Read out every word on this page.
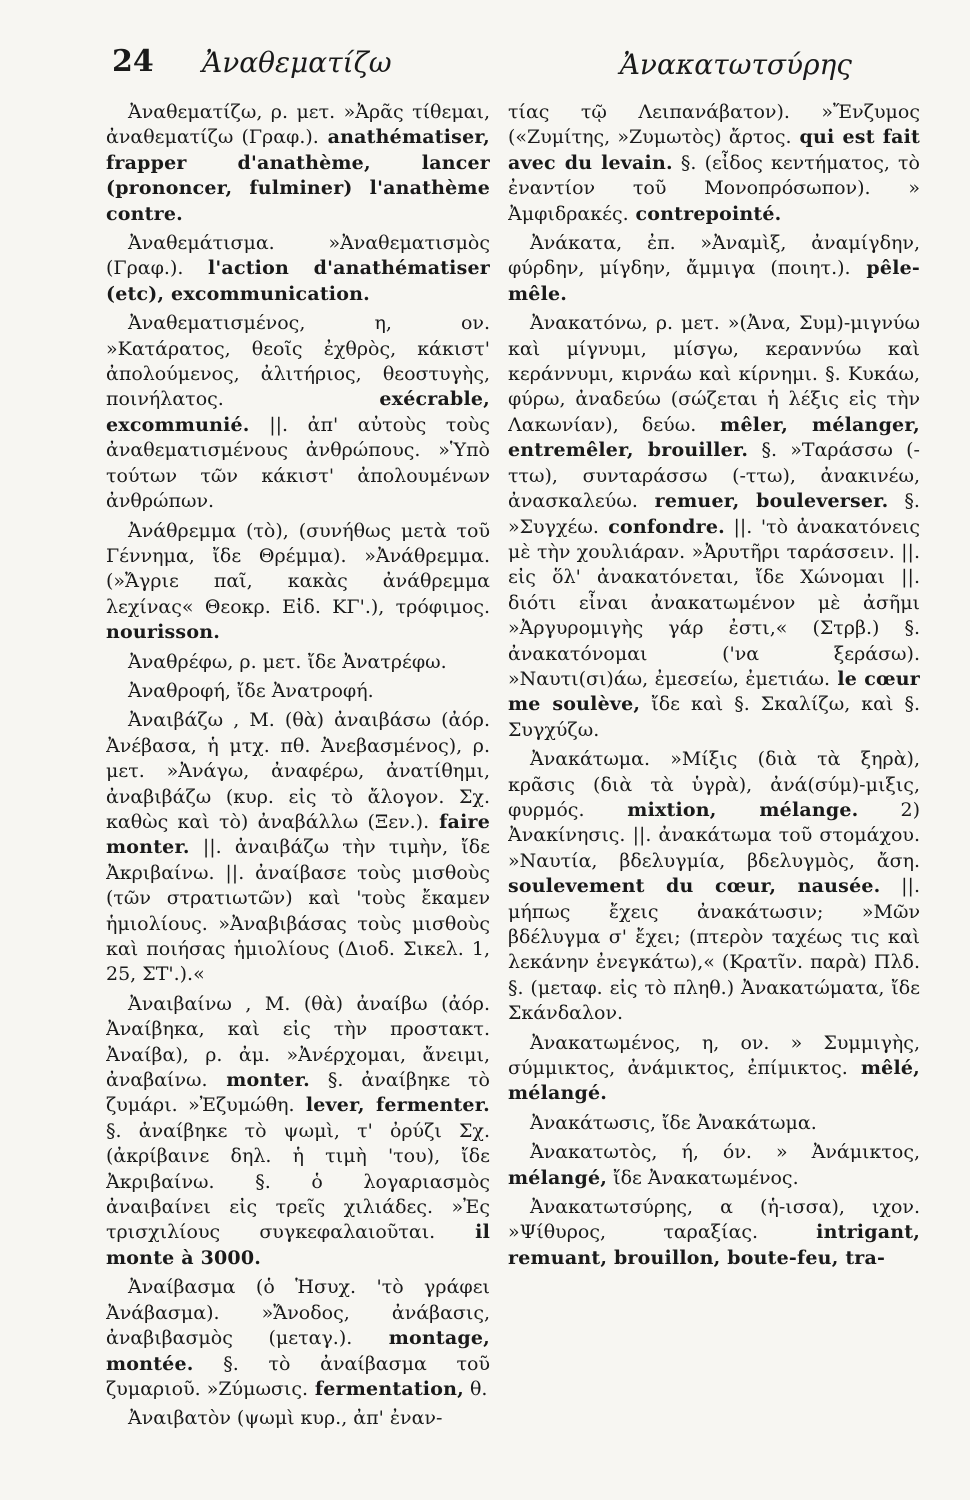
24 Ἀναθεματίζω	Ἀνακατωτσύρης

Ἀναθεματίζω, ρ. μετ. »Ἀρᾶς τίθεμαι, ἀναθεματίζω (Γραφ.). anathématiser, frapper d'anathème, lancer (prononcer, fulminer) l'anathème contre.

Ἀναθεμάτισμα. »Ἀναθεματισμὸς (Γραφ.). l'action d'anathématiser (etc), excommunication.

Ἀναθεματισμένος, η, ον. »Κατάρατος, θεοῖς ἐχθρὸς, κάκιστ' ἀπολούμενος, ἀλιτήριος, θεοστυγὴς, ποινήλατος. exécrable, excommunié. ||. ἀπ' αὐτοὺς τοὺς ἀναθεματισμένους ἀνθρώπους. »Ὑπὸ τούτων τῶν κάκιστ' ἀπολουμένων ἀνθρώπων.

Ἀνάθρεμμα (τὸ), (συνήθως μετὰ τοῦ Γέννημα, ἴδε Θρέμμα). »Ἀνάθρεμμα. (»Ἄγριε παῖ, κακὰς ἀνάθρεμμα λεχίνας« Θεοκρ. Εἰδ. ΚΓ'.), τρόφιμος. nourisson.

Ἀναθρέφω, ρ. μετ. ἴδε Ἀνατρέφω.

Ἀναθροφή, ἴδε Ἀνατροφή.

Ἀναιβάζω , Μ. (θὰ) ἀναιβάσω (ἀόρ. Ἀνέβασα, ἡ μτχ. πθ. Ἀνεβασμένος), ρ. μετ. »Ἀνάγω, ἀναφέρω, ἀνατίθημι, ἀναβιβάζω (κυρ. εἰς τὸ ἄλογον. Σχ. καθὼς καὶ τὸ) ἀναβάλλω (Ξεν.). faire monter. ||. ἀναιβάζω τὴν τιμὴν, ἴδε Ἀκριβαίνω. ||. ἀναίβασε τοὺς μισθοὺς (τῶν στρατιωτῶν) καὶ 'τοὺς ἔκαμεν ἡμιολίους. »Ἀναβιβάσας τοὺς μισθοὺς καὶ ποιήσας ἡμιολίους (Διοδ. Σικελ. 1, 25, ΣΤ'.).«

Ἀναιβαίνω , Μ. (θὰ) ἀναίβω (ἀόρ. Ἀναίβηκα, καὶ εἰς τὴν προστακτ. Ἀναίβα), ρ. ἀμ. »Ἀνέρχομαι, ἄνειμι, ἀναβαίνω. monter. §. ἀναίβηκε τὸ ζυμάρι. »Ἐζυμώθη. lever, fermenter. §. ἀναίβηκε τὸ ψωμὶ, τ' ὀρύζι Σχ. (ἀκρίβαινε δηλ. ἡ τιμὴ 'του), ἴδε Ἀκριβαίνω. §. ὁ λογαριασμὸς ἀναιβαίνει εἰς τρεῖς χιλιάδες. »Ἐς τρισχιλίους συγκεφαλαιοῦται. il monte à 3000.

Ἀναίβασμα (ὁ Ἡσυχ. 'τὸ γράφει Ἀνάβασμα). »Ἄνοδος, ἀνάβασις, ἀναβιβασμὸς (μεταγ.). montage, montée. §. τὸ ἀναίβασμα τοῦ ζυμαριοῦ. »Ζύμωσις. fermentation, θ.

Ἀναιβατὸν (ψωμὶ κυρ., ἀπ' ἐναν-

τίας τῷ Λειπανάβατον). »Ἔνζυμος («Ζυμίτης, »Ζυμωτὸς) ἄρτος. qui est fait avec du levain. §. (εἶδος κεντήματος, τὸ ἐναντίον τοῦ Μονοπρόσωπον). » Ἀμφιδρακές. contrepointé.

Ἀνάκατα, ἐπ. »Ἀναμὶξ, ἀναμίγδην, φύρδην, μίγδην, ἄμμιγα (ποιητ.). pêle-mêle.

Ἀνακατόνω, ρ. μετ. »(Ἀνα, Συμ)-μιγνύω καὶ μίγνυμι, μίσγω, κεραννύω καὶ κεράννυμι, κιρνάω καὶ κίρνημι. §. Κυκάω, φύρω, ἀναδεύω (σώζεται ἡ λέξις εἰς τὴν Λακωνίαν), δεύω. mêler, mélanger, entremêler, brouiller. §. »Ταράσσω (-ττω), συνταράσσω (-ττω), ἀνακινέω, ἀνασκαλεύω. remuer, bouleverser. §. »Συγχέω. confondre. ||. 'τὸ ἀνακατόνεις μὲ τὴν χουλιάραν. »Ἀρυτῆρι ταράσσειν. ||. εἰς ὅλ' ἀνακατόνεται, ἴδε Χώνομαι ||. διότι εἶναι ἀνακατωμένον μὲ ἀσῆμι »Ἀργυρομιγὴς γάρ ἐστι,« (Στρβ.) §. ἀνακατόνομαι ('να ξεράσω). »Ναυτι(σι)άω, ἐμεσείω, ἐμετιάω. le cœur me soulève, ἴδε καὶ §. Σκαλίζω, καὶ §. Συγχύζω.

Ἀνακάτωμα. »Μίξις (διὰ τὰ ξηρὰ), κρᾶσις (διὰ τὰ ὑγρὰ), ἀνά(σύμ)-μιξις, φυρμός. mixtion, mélange. 2) Ἀνακίνησις. ||. ἀνακάτωμα τοῦ στομάχου. »Ναυτία, βδελυγμία, βδελυγμὸς, ἄση. soulevement du cœur, nausée. ||. μήπως ἔχεις ἀνακάτωσιν; »Μῶν βδέλυγμα σ' ἔχει; (πτερὸν ταχέως τις καὶ λεκάνην ἐνεγκάτω),« (Κρατῖν. παρὰ) Πλδ. §. (μεταφ. εἰς τὸ πληθ.) Ἀνακατώματα, ἴδε Σκάνδαλον.

Ἀνακατωμένος, η, ον. » Συμμιγὴς, σύμμικτος, ἀνάμικτος, ἐπίμικτος. mêlé, mélangé.

Ἀνακάτωσις, ἴδε Ἀνακάτωμα.

Ἀνακατωτὸς, ή, όν. » Ἀνάμικτος, mélangé, ἴδε Ἀνακατωμένος.

Ἀνακατωτσύρης, α (ἡ-ισσα), ιχον. »Ψίθυρος, ταραξίας. intrigant, remuant, brouillon, boute-feu, tra-
